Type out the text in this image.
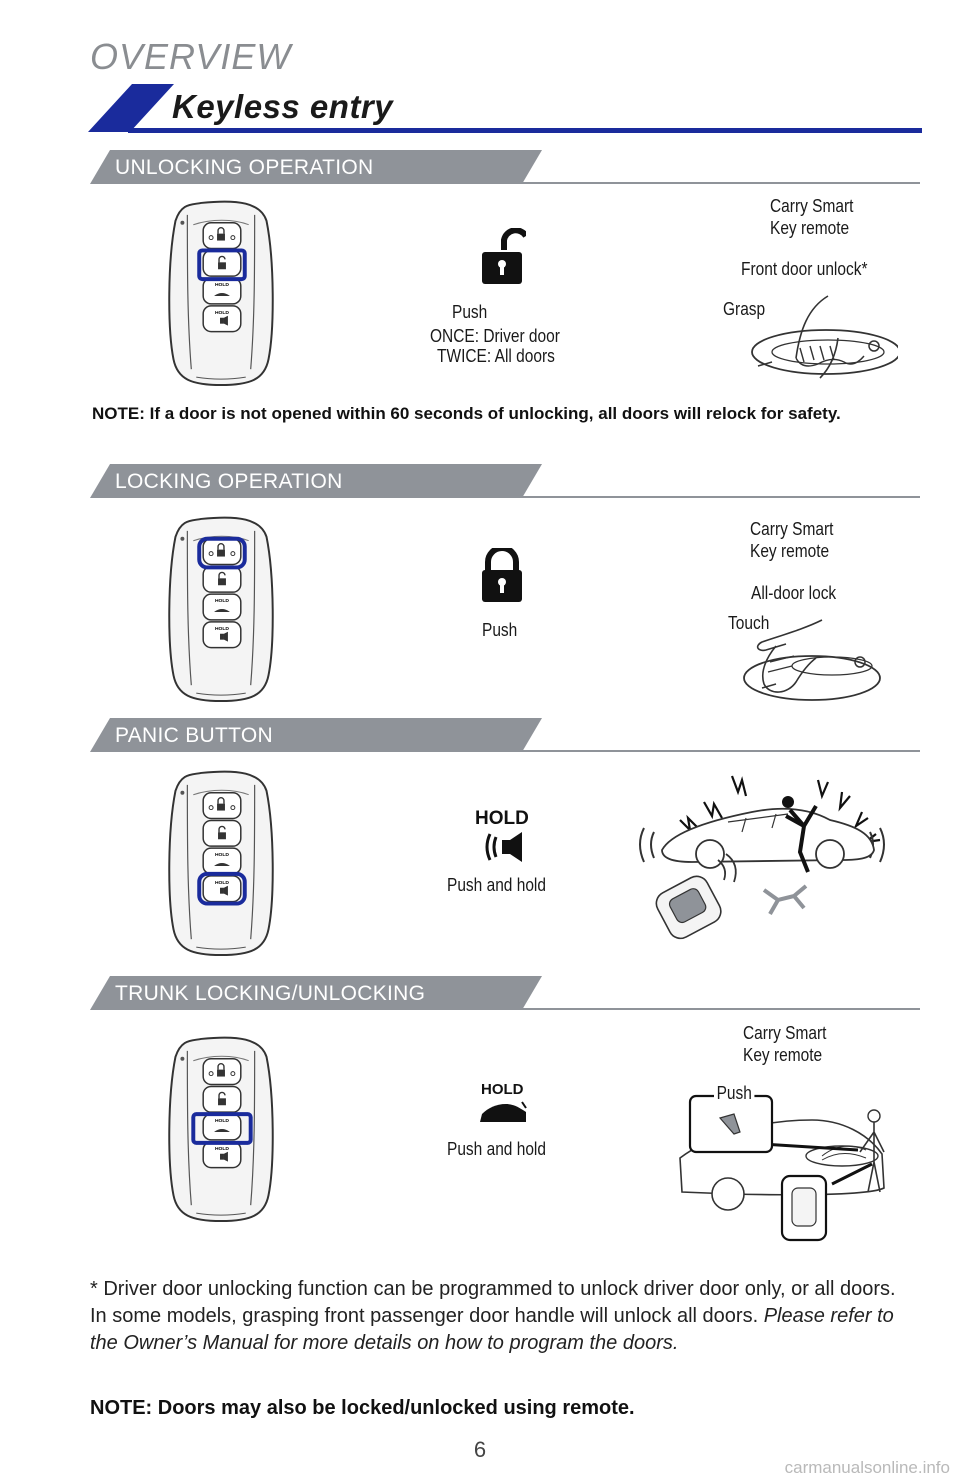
OVERVIEW
Keyless entry
UNLOCKING OPERATION
Push
ONCE: Driver door
TWICE: All doors
Carry Smart
Key remote
Front door unlock*
Grasp
NOTE: If a door is not opened within 60 seconds of unlocking, all doors will relock for safety.
LOCKING OPERATION
Push
Carry Smart
Key remote
All-door lock
Touch
PANIC BUTTON
HOLD
Push and hold
TRUNK LOCKING/UNLOCKING
HOLD
Push and hold
Carry Smart
Key remote
Push
* Driver door unlocking function can be programmed to unlock driver door only, or all doors. In some models, grasping front passenger door handle will unlock all doors. Please refer to the Owner’s Manual for more details on how to program the doors.
NOTE: Doors may also be locked/unlocked using remote.
6
carmanualsonline.info
